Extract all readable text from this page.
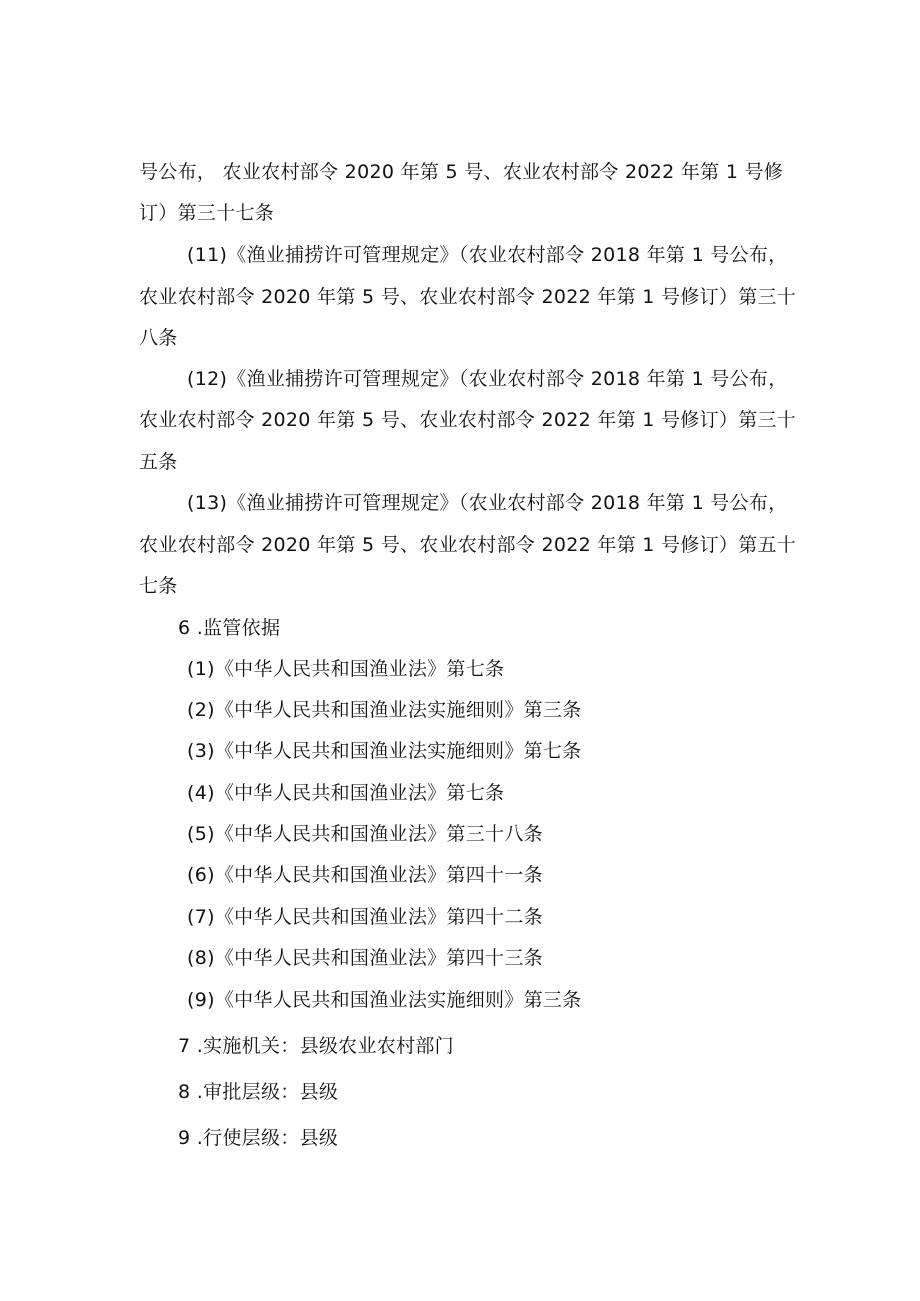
号公布， 农业农村部令 2020 年第 5 号、农业农村部令 2022 年第 1 号修
订）第三十七条
(11)《渔业捕捞许可管理规定》（农业农村部令 2018 年第 1 号公布，
农业农村部令 2020 年第 5 号、农业农村部令 2022 年第 1 号修订）第三十
八条
(12)《渔业捕捞许可管理规定》（农业农村部令 2018 年第 1 号公布，
农业农村部令 2020 年第 5 号、农业农村部令 2022 年第 1 号修订）第三十
五条
(13)《渔业捕捞许可管理规定》（农业农村部令 2018 年第 1 号公布，
农业农村部令 2020 年第 5 号、农业农村部令 2022 年第 1 号修订）第五十
七条
6 .监管依据
(1)《中华人民共和国渔业法》第七条
(2)《中华人民共和国渔业法实施细则》第三条
(3)《中华人民共和国渔业法实施细则》第七条
(4)《中华人民共和国渔业法》第七条
(5)《中华人民共和国渔业法》第三十八条
(6)《中华人民共和国渔业法》第四十一条
(7)《中华人民共和国渔业法》第四十二条
(8)《中华人民共和国渔业法》第四十三条
(9)《中华人民共和国渔业法实施细则》第三条
7 .实施机关：县级农业农村部门
8 .审批层级：县级
9 .行使层级：县级
